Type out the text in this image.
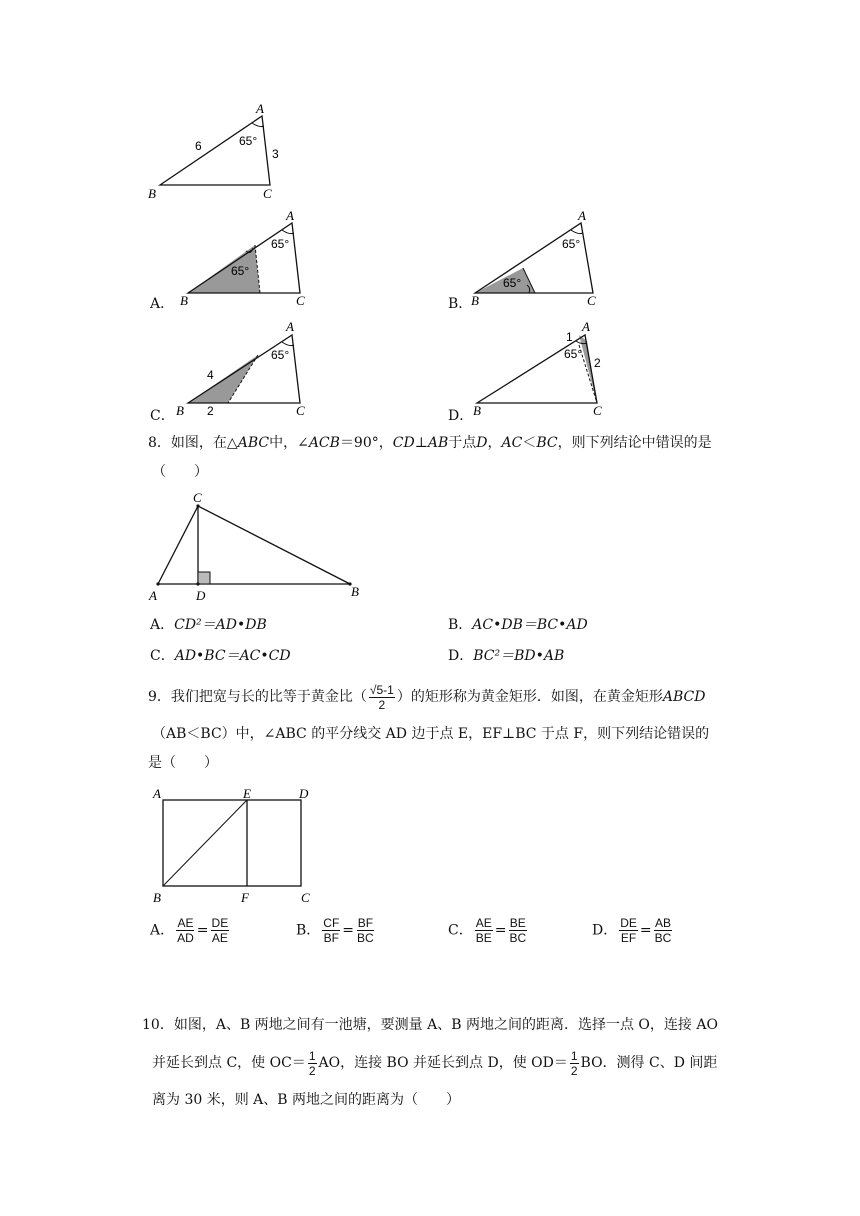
A
B	C
6
3
65°
A．
A
B	C
65°
65°
B．
A
B	C
65°
65°
C．
A
B	C
65°
4
2	D．
A
B	C
65°
1
2
8．如图，在△ABC中，∠ACB＝90°，CD⊥AB于点D，AC＜BC，则下列结论中错误的是
（　　）
C
A	D	B
A．CD²＝AD•DB	B．AC•DB＝BC•AD
C．AD•BC＝AC•CD	D．BC²＝BD•AB
9．我们把宽与长的比等于黄金比（ $\frac{√5-1}{2}$ ）的矩形称为黄金矩形．如图，在黄金矩形ABCD
（AB＜BC）中，∠ABC 的平分线交 AD 边于点 E，EF⊥BC 于点 F，则下列结论错误的
是（　　）
A	E	D
B	F	C
A． $\frac{AE}{AD} = \frac{DE}{AE}$	B． $\frac{CF}{BF} = \frac{BF}{BC}$	C． $\frac{AE}{BE} = \frac{BE}{BC}$	D． $\frac{DE}{EF} = \frac{AB}{BC}$
10．如图，A、B 两地之间有一池塘，要测量 A、B 两地之间的距离．选择一点 O，连接 AO
并延长到点 C，使 $OC= \frac{1}{2}$ AO，连接 BO 并延长到点 D，使 $OD= \frac{1}{2}$ BO．测得 C、D 间距
离为 30 米，则 A、B 两地之间的距离为（　　）
